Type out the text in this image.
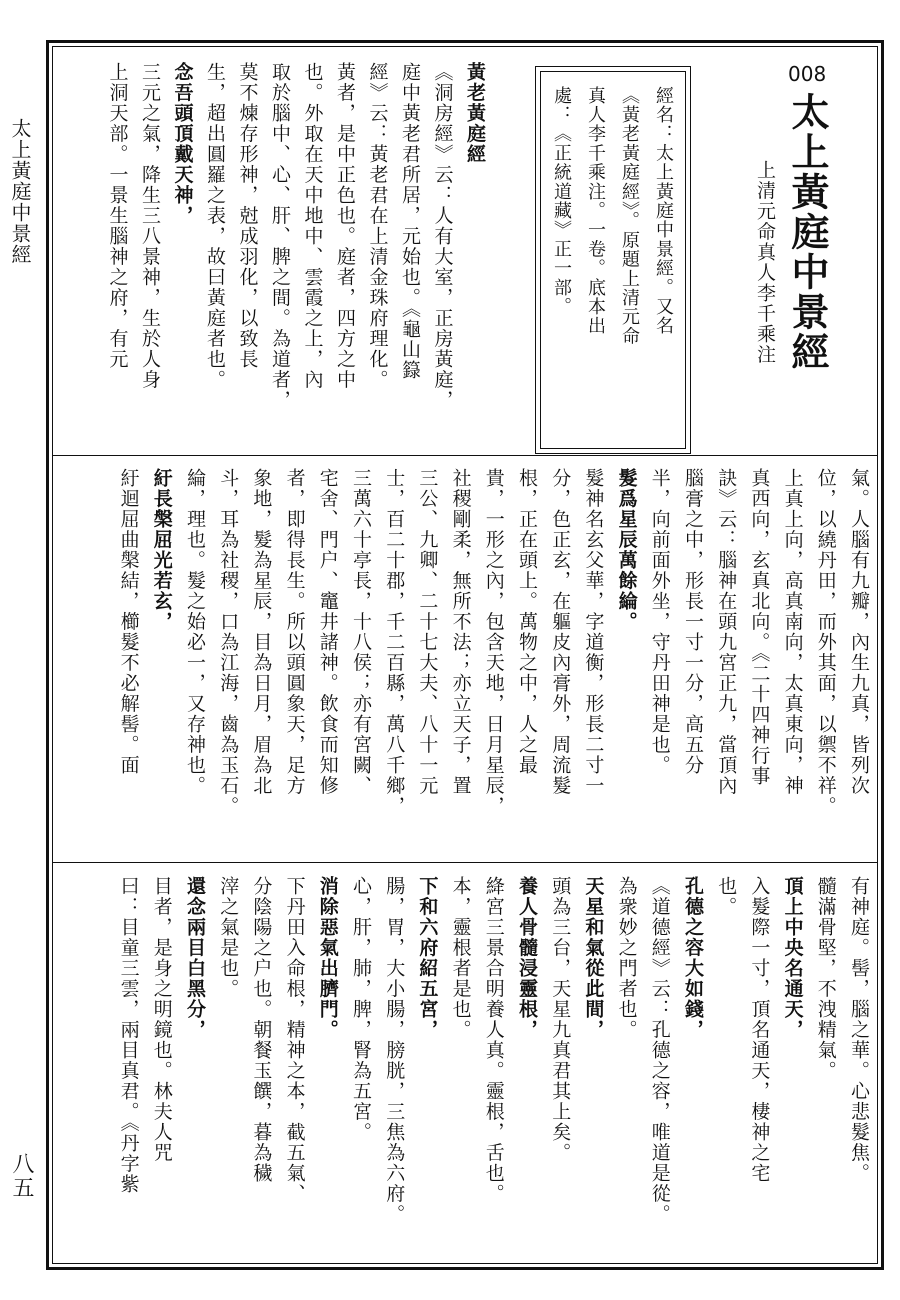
太上黃庭中景經
八五
008
太上黃庭中景經
上清元命真人李千乘注
經名：太上黃庭中景經。又名
《黃老黃庭經》。原題上清元命
真人李千乘注。一卷。底本出
處：《正統道藏》正一部。
黃老黃庭經
《洞房經》云：人有大室，正房黃庭，
庭中黃老君所居，元始也。《龜山籙
經》云：黃老君在上清金珠府理化。
黃者，是中正色也。庭者，四方之中
也。外取在天中地中、雲霞之上，內
取於腦中、心、肝、脾之間。為道者，
莫不煉存形神，尅成羽化，以致長
生，超出圓羅之表，故曰黃庭者也。
念吾頭頂戴天神，
三元之氣，降生三八景神，生於人身
上洞天部。一景生腦神之府，有元
氣。人腦有九瓣，內生九真，皆列次
位，以繞丹田，而外其面，以禦不祥。
上真上向，高真南向，太真東向，神
真西向，玄真北向。《二十四神行事
訣》云：腦神在頭九宮正九，當頂內
腦膏之中，形長一寸一分，高五分
半，向前面外坐，守丹田神是也。
髮爲星辰萬餘綸。
髮神名玄父華，字道衡，形長二寸一
分，色正玄，在軀皮內膏外，周流髮
根，正在頭上。萬物之中，人之最
貴，一形之內，包含天地，日月星辰，
社稷剛柔，無所不法；亦立天子，置
三公、九卿、二十七大夫、八十一元
士，百二十郡，千二百縣，萬八千鄉，
三萬六十亭長，十八侯；亦有宮闕、
宅舍、門户、竈井諸神。飲食而知修
者，即得長生。所以頭圓象天，足方
象地，髮為星辰，目為日月，眉為北
斗，耳為社稷，口為江海，齒為玉石。
綸，理也。髮之始必一，又存神也。
紆長槃屈光若玄，
紆迴屈曲槃結，櫛髮不必解髻。面
有神庭。髻，腦之華。心悲髮焦。
髓滿骨堅，不洩精氣。
頂上中央名通天，
入髮際一寸，頂名通天，棲神之宅
也。
孔德之容大如錢，
《道德經》云：孔德之容，唯道是從。
為衆妙之門者也。
天星和氣從此間，
頭為三台，天星九真君其上矣。
養人骨髓浸靈根，
絳宮三景合明養人真。靈根，舌也。
本，靈根者是也。
下和六府紹五宮，
腸，胃，大小腸，膀胱，三焦為六府。
心，肝，肺，脾，腎為五宮。
消除惡氣出臍門。
下丹田入命根，精神之本，截五氣、
分陰陽之户也。朝餐玉饌，暮為穢
滓之氣是也。
還念兩目白黑分，
目者，是身之明鏡也。林夫人咒
曰：目童三雲，兩目真君。《丹字紫
